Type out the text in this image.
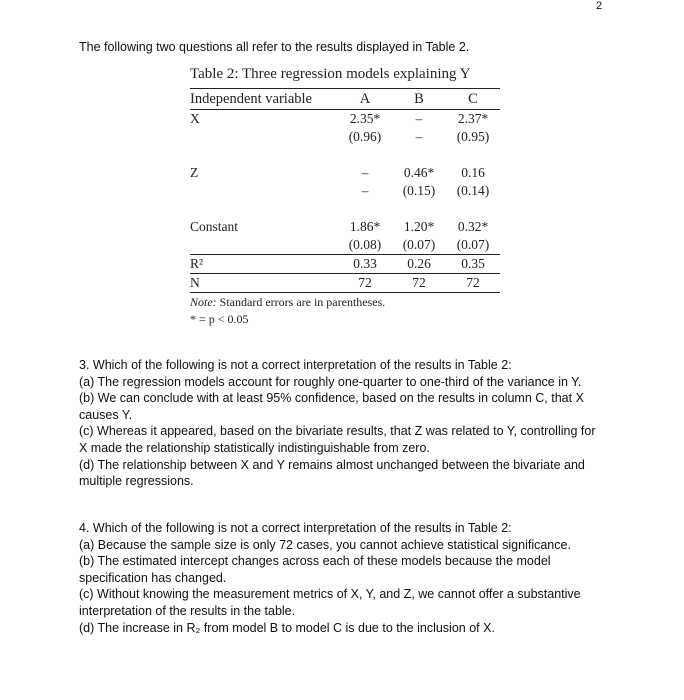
2
The following two questions all refer to the results displayed in Table 2.
Table 2: Three regression models explaining Y
Independent variable	A	B	C
X	2.35*	–	2.37*
	(0.96)	–	(0.95)

Z	–	0.46*	0.16
	–	(0.15)	(0.14)

Constant	1.86*	1.20*	0.32*
	(0.08)	(0.07)	(0.07)
R²	0.33	0.26	0.35
N	72	72	72
Note: Standard errors are in parentheses.
* = p < 0.05

3. Which of the following is not a correct interpretation of the results in Table 2:

(a) The regression models account for roughly one-quarter to one-third of the variance in Y.

(b) We can conclude with at least 95% confidence, based on the results in column C, that X causes Y.

(c) Whereas it appeared, based on the bivariate results, that Z was related to Y, controlling for X made the relationship statistically indistinguishable from zero.

(d) The relationship between X and Y remains almost unchanged between the bivariate and multiple regressions.

4. Which of the following is not a correct interpretation of the results in Table 2:

(a) Because the sample size is only 72 cases, you cannot achieve statistical significance.

(b) The estimated intercept changes across each of these models because the model specification has changed.

(c) Without knowing the measurement metrics of X, Y, and Z, we cannot offer a substantive interpretation of the results in the table.

(d) The increase in R₂ from model B to model C is due to the inclusion of X.
